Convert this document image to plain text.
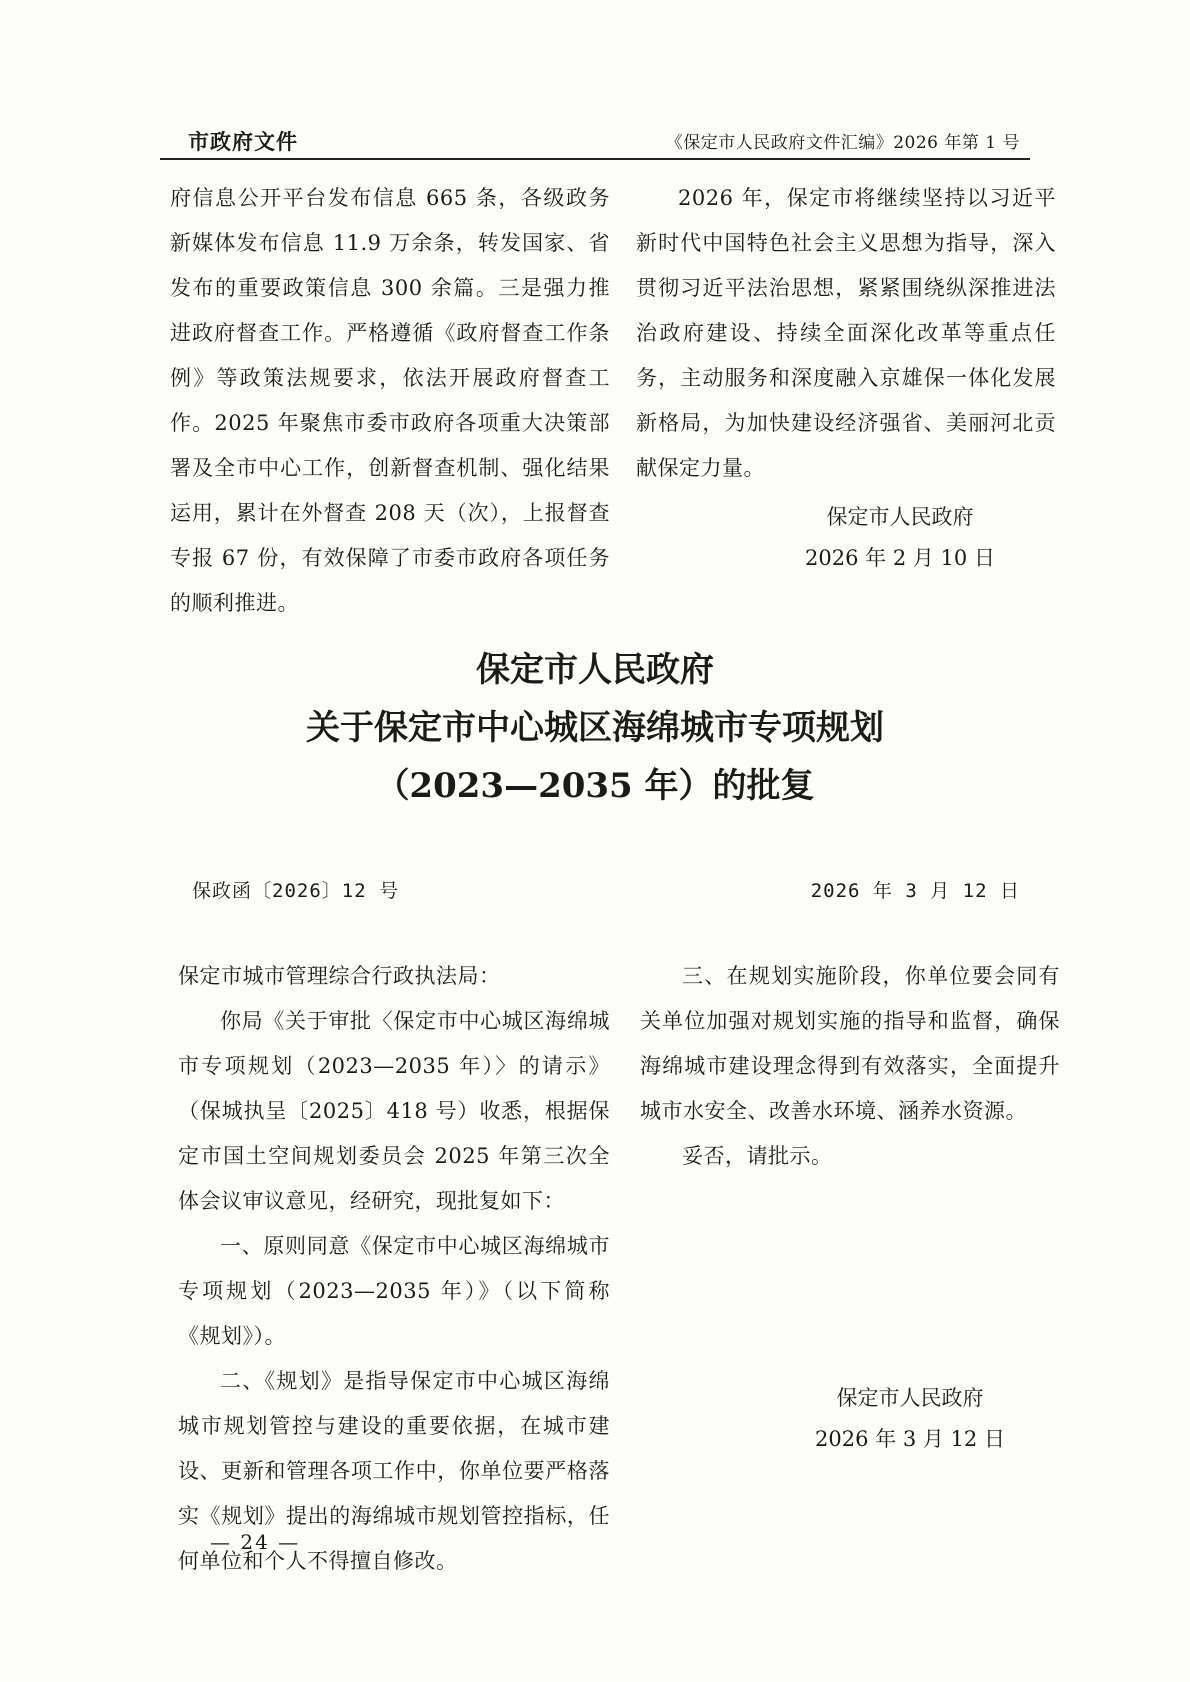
市政府文件	《保定市人民政府文件汇编》2026 年第 1 号

府信息公开平台发布信息 665 条，各级政务新媒体发布信息 11.9 万余条，转发国家、省发布的重要政策信息 300 余篇。三是强力推进政府督查工作。严格遵循《政府督查工作条例》等政策法规要求，依法开展政府督查工作。2025 年聚焦市委市政府各项重大决策部署及全市中心工作，创新督查机制、强化结果运用，累计在外督查 208 天（次），上报督查专报 67 份，有效保障了市委市政府各项任务的顺利推进。

2026 年，保定市将继续坚持以习近平新时代中国特色社会主义思想为指导，深入贯彻习近平法治思想，紧紧围绕纵深推进法治政府建设、持续全面深化改革等重点任务，主动服务和深度融入京雄保一体化发展新格局，为加快建设经济强省、美丽河北贡献保定力量。

保定市人民政府
2026 年 2 月 10 日
保定市人民政府
关于保定市中心城区海绵城市专项规划
（2023—2035 年）的批复
保政函〔2026〕12 号	2026 年 3 月 12 日

保定市城市管理综合行政执法局：

你局《关于审批〈保定市中心城区海绵城市专项规划（2023—2035 年）〉的请示》（保城执呈〔2025〕418 号）收悉，根据保定市国土空间规划委员会 2025 年第三次全体会议审议意见，经研究，现批复如下：

一、原则同意《保定市中心城区海绵城市专项规划（2023—2035 年）》（以下简称《规划》）。

二、《规划》是指导保定市中心城区海绵城市规划管控与建设的重要依据，在城市建设、更新和管理各项工作中，你单位要严格落实《规划》提出的海绵城市规划管控指标，任何单位和个人不得擅自修改。

三、在规划实施阶段，你单位要会同有关单位加强对规划实施的指导和监督，确保海绵城市建设理念得到有效落实，全面提升城市水安全、改善水环境、涵养水资源。

妥否，请批示。

保定市人民政府
2026 年 3 月 12 日
— 24 —
